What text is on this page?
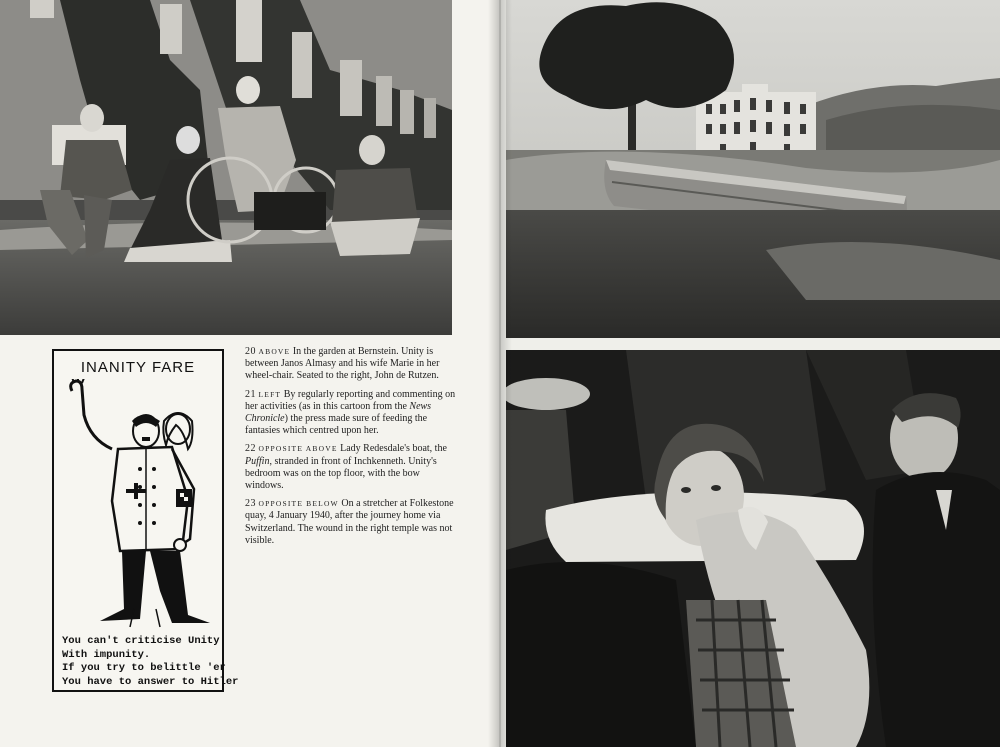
INANITY FARE
You can't criticise Unity
With impunity.
If you try to belittle 'er
You have to answer to Hitler
20 ABOVE In the garden at Bernstein. Unity is between Janos Almasy and his wife Marie in her wheel-chair. Seated to the right, John de Rutzen.
21 LEFT By regularly reporting and commenting on her activities (as in this cartoon from the News Chronicle) the press made sure of feeding the fantasies which centred upon her.
22 OPPOSITE ABOVE Lady Redesdale's boat, the Puffin, stranded in front of Inchkenneth. Unity's bedroom was on the top floor, with the bow windows.
23 OPPOSITE BELOW On a stretcher at Folkestone quay, 4 January 1940, after the journey home via Switzerland. The wound in the right temple was not visible.
